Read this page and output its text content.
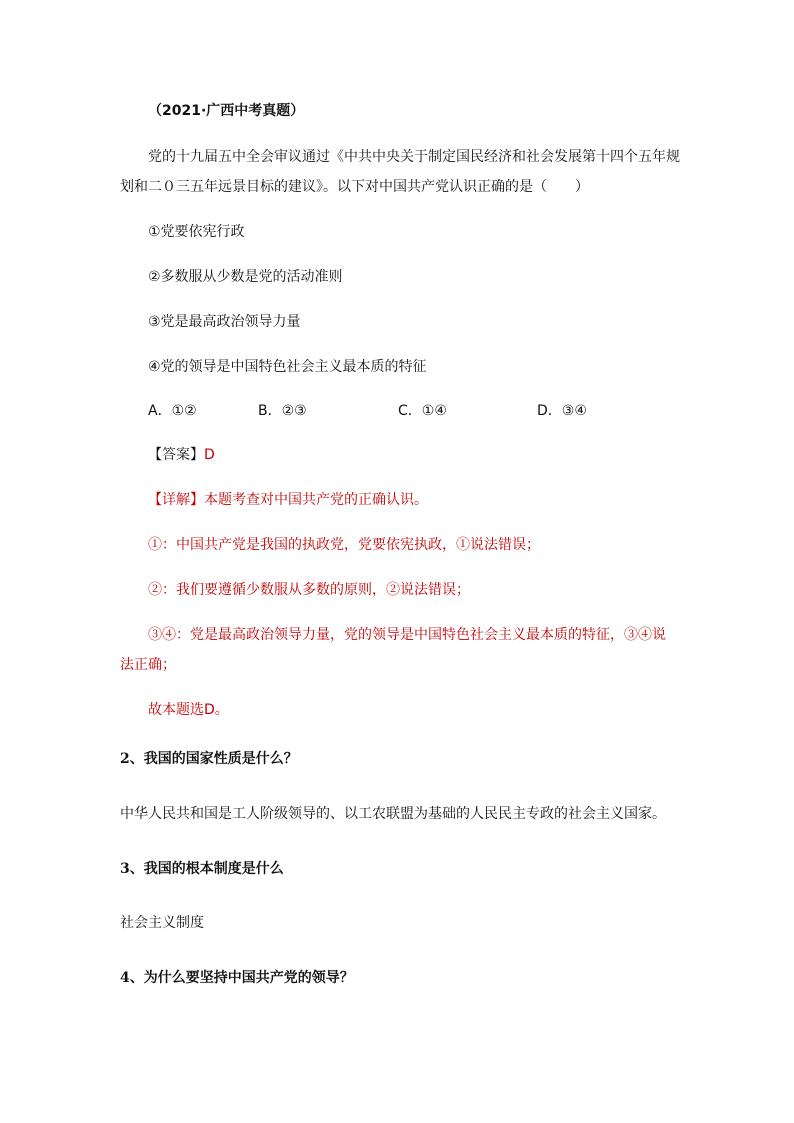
（2021·广西中考真题）
党的十九届五中全会审议通过《中共中央关于制定国民经济和社会发展第十四个五年规
划和二０三五年远景目标的建议》。以下对中国共产党认识正确的是（　　）
①党要依宪行政
②多数服从少数是党的活动准则
③党是最高政治领导力量
④党的领导是中国特色社会主义最本质的特征
A．①②	B．②③	C．①④	D．③④
【答案】D
【详解】本题考查对中国共产党的正确认识。
①：中国共产党是我国的执政党，党要依宪执政，①说法错误；
②：我们要遵循少数服从多数的原则，②说法错误；
③④：党是最高政治领导力量，党的领导是中国特色社会主义最本质的特征，③④说
法正确；
故本题选D。
2、我国的国家性质是什么？
中华人民共和国是工人阶级领导的、以工农联盟为基础的人民民主专政的社会主义国家。
3、我国的根本制度是什么
社会主义制度
4、为什么要坚持中国共产党的领导？
